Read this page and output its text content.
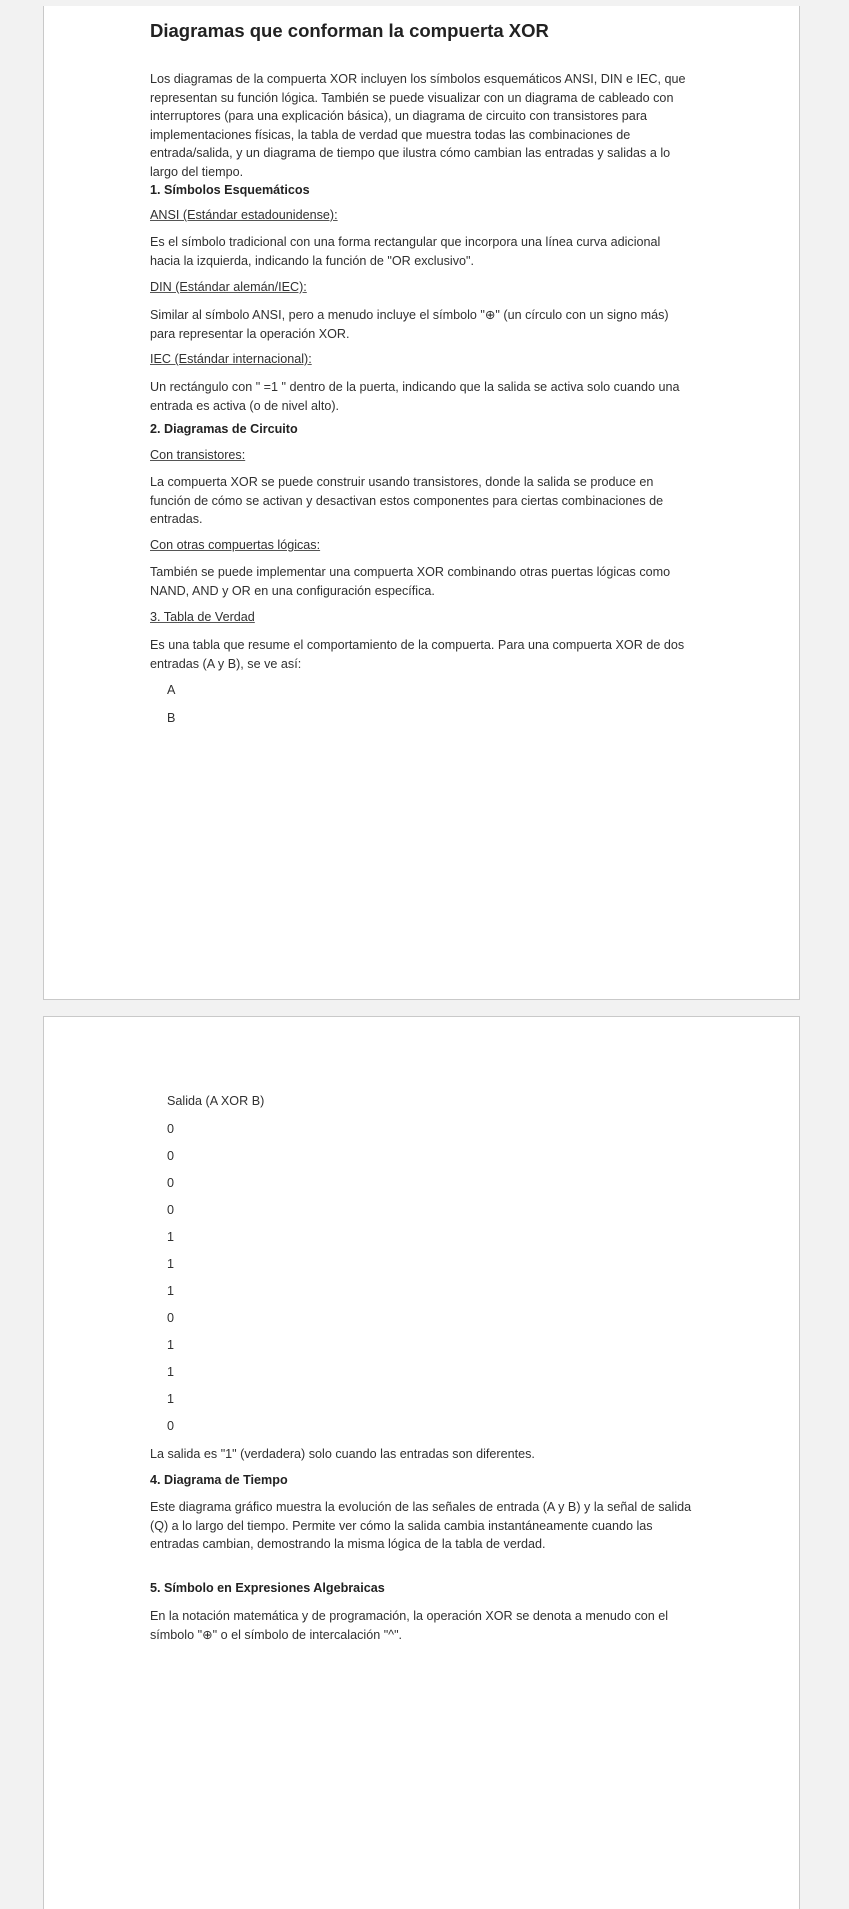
Diagramas que conforman la compuerta XOR

Los diagramas de la compuerta XOR incluyen los símbolos esquemáticos ANSI, DIN e IEC, que representan su función lógica. También se puede visualizar con un diagrama de cableado con interruptores (para una explicación básica), un diagrama de circuito con transistores para implementaciones físicas, la tabla de verdad que muestra todas las combinaciones de entrada/salida, y un diagrama de tiempo que ilustra cómo cambian las entradas y salidas a lo largo del tiempo.

1. Símbolos Esquemáticos
ANSI (Estándar estadounidense):

Es el símbolo tradicional con una forma rectangular que incorpora una línea curva adicional hacia la izquierda, indicando la función de "OR exclusivo".

DIN (Estándar alemán/IEC):

Similar al símbolo ANSI, pero a menudo incluye el símbolo "⊕" (un círculo con un signo más) para representar la operación XOR.

IEC (Estándar internacional):

Un rectángulo con " =1 " dentro de la puerta, indicando que la salida se activa solo cuando una entrada es activa (o de nivel alto).

2. Diagramas de Circuito
Con transistores:

La compuerta XOR se puede construir usando transistores, donde la salida se produce en función de cómo se activan y desactivan estos componentes para ciertas combinaciones de entradas.

Con otras compuertas lógicas:

También se puede implementar una compuerta XOR combinando otras puertas lógicas como NAND, AND y OR en una configuración específica.

3. Tabla de Verdad

Es una tabla que resume el comportamiento de la compuerta. Para una compuerta XOR de dos entradas (A y B), se ve así:

A
B
Salida (A XOR B)
0
0
0
0
1
1
1
0
1
1
1
0

La salida es "1" (verdadera) solo cuando las entradas son diferentes.

4. Diagrama de Tiempo

Este diagrama gráfico muestra la evolución de las señales de entrada (A y B) y la señal de salida (Q) a lo largo del tiempo. Permite ver cómo la salida cambia instantáneamente cuando las entradas cambian, demostrando la misma lógica de la tabla de verdad.

5. Símbolo en Expresiones Algebraicas

En la notación matemática y de programación, la operación XOR se denota a menudo con el símbolo "⊕" o el símbolo de intercalación "^".
